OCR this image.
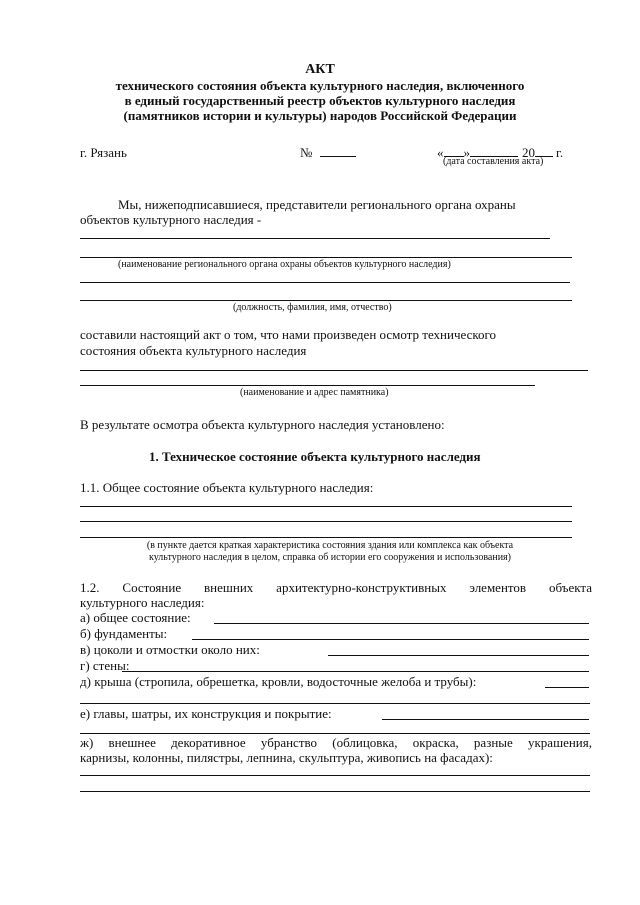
АКТ
технического состояния объекта культурного наследия, включенного
в единый государственный реестр объектов культурного наследия
(памятников истории и культуры) народов Российской Федерации
г. Рязань	№	« »	20 г.
(дата составления акта)
Мы, нижеподписавшиеся, представители регионального органа охраны
объектов культурного наследия -
(наименование регионального органа охраны объектов культурного наследия)
(должность, фамилия, имя, отчество)
составили настоящий акт о том, что нами произведен осмотр технического
состояния объекта культурного наследия
(наименование и адрес памятника)
В результате осмотра объекта культурного наследия установлено:
1. Техническое состояние объекта культурного наследия
1.1. Общее состояние объекта культурного наследия:
(в пункте дается краткая характеристика состояния здания или комплекса как объекта
культурного наследия в целом, справка об истории его сооружения и использования)
1.2. Состояние внешних архитектурно-конструктивных элементов объекта
культурного наследия:
а) общее состояние:
б) фундаменты:
в) цоколи и отмостки около них:
г) стены:
д) крыша (стропила, обрешетка, кровли, водосточные желоба и трубы):
е) главы, шатры, их конструкция и покрытие:
ж) внешнее декоративное убранство (облицовка, окраска, разные украшения,
карнизы, колонны, пилястры, лепнина, скульптура, живопись на фасадах):
